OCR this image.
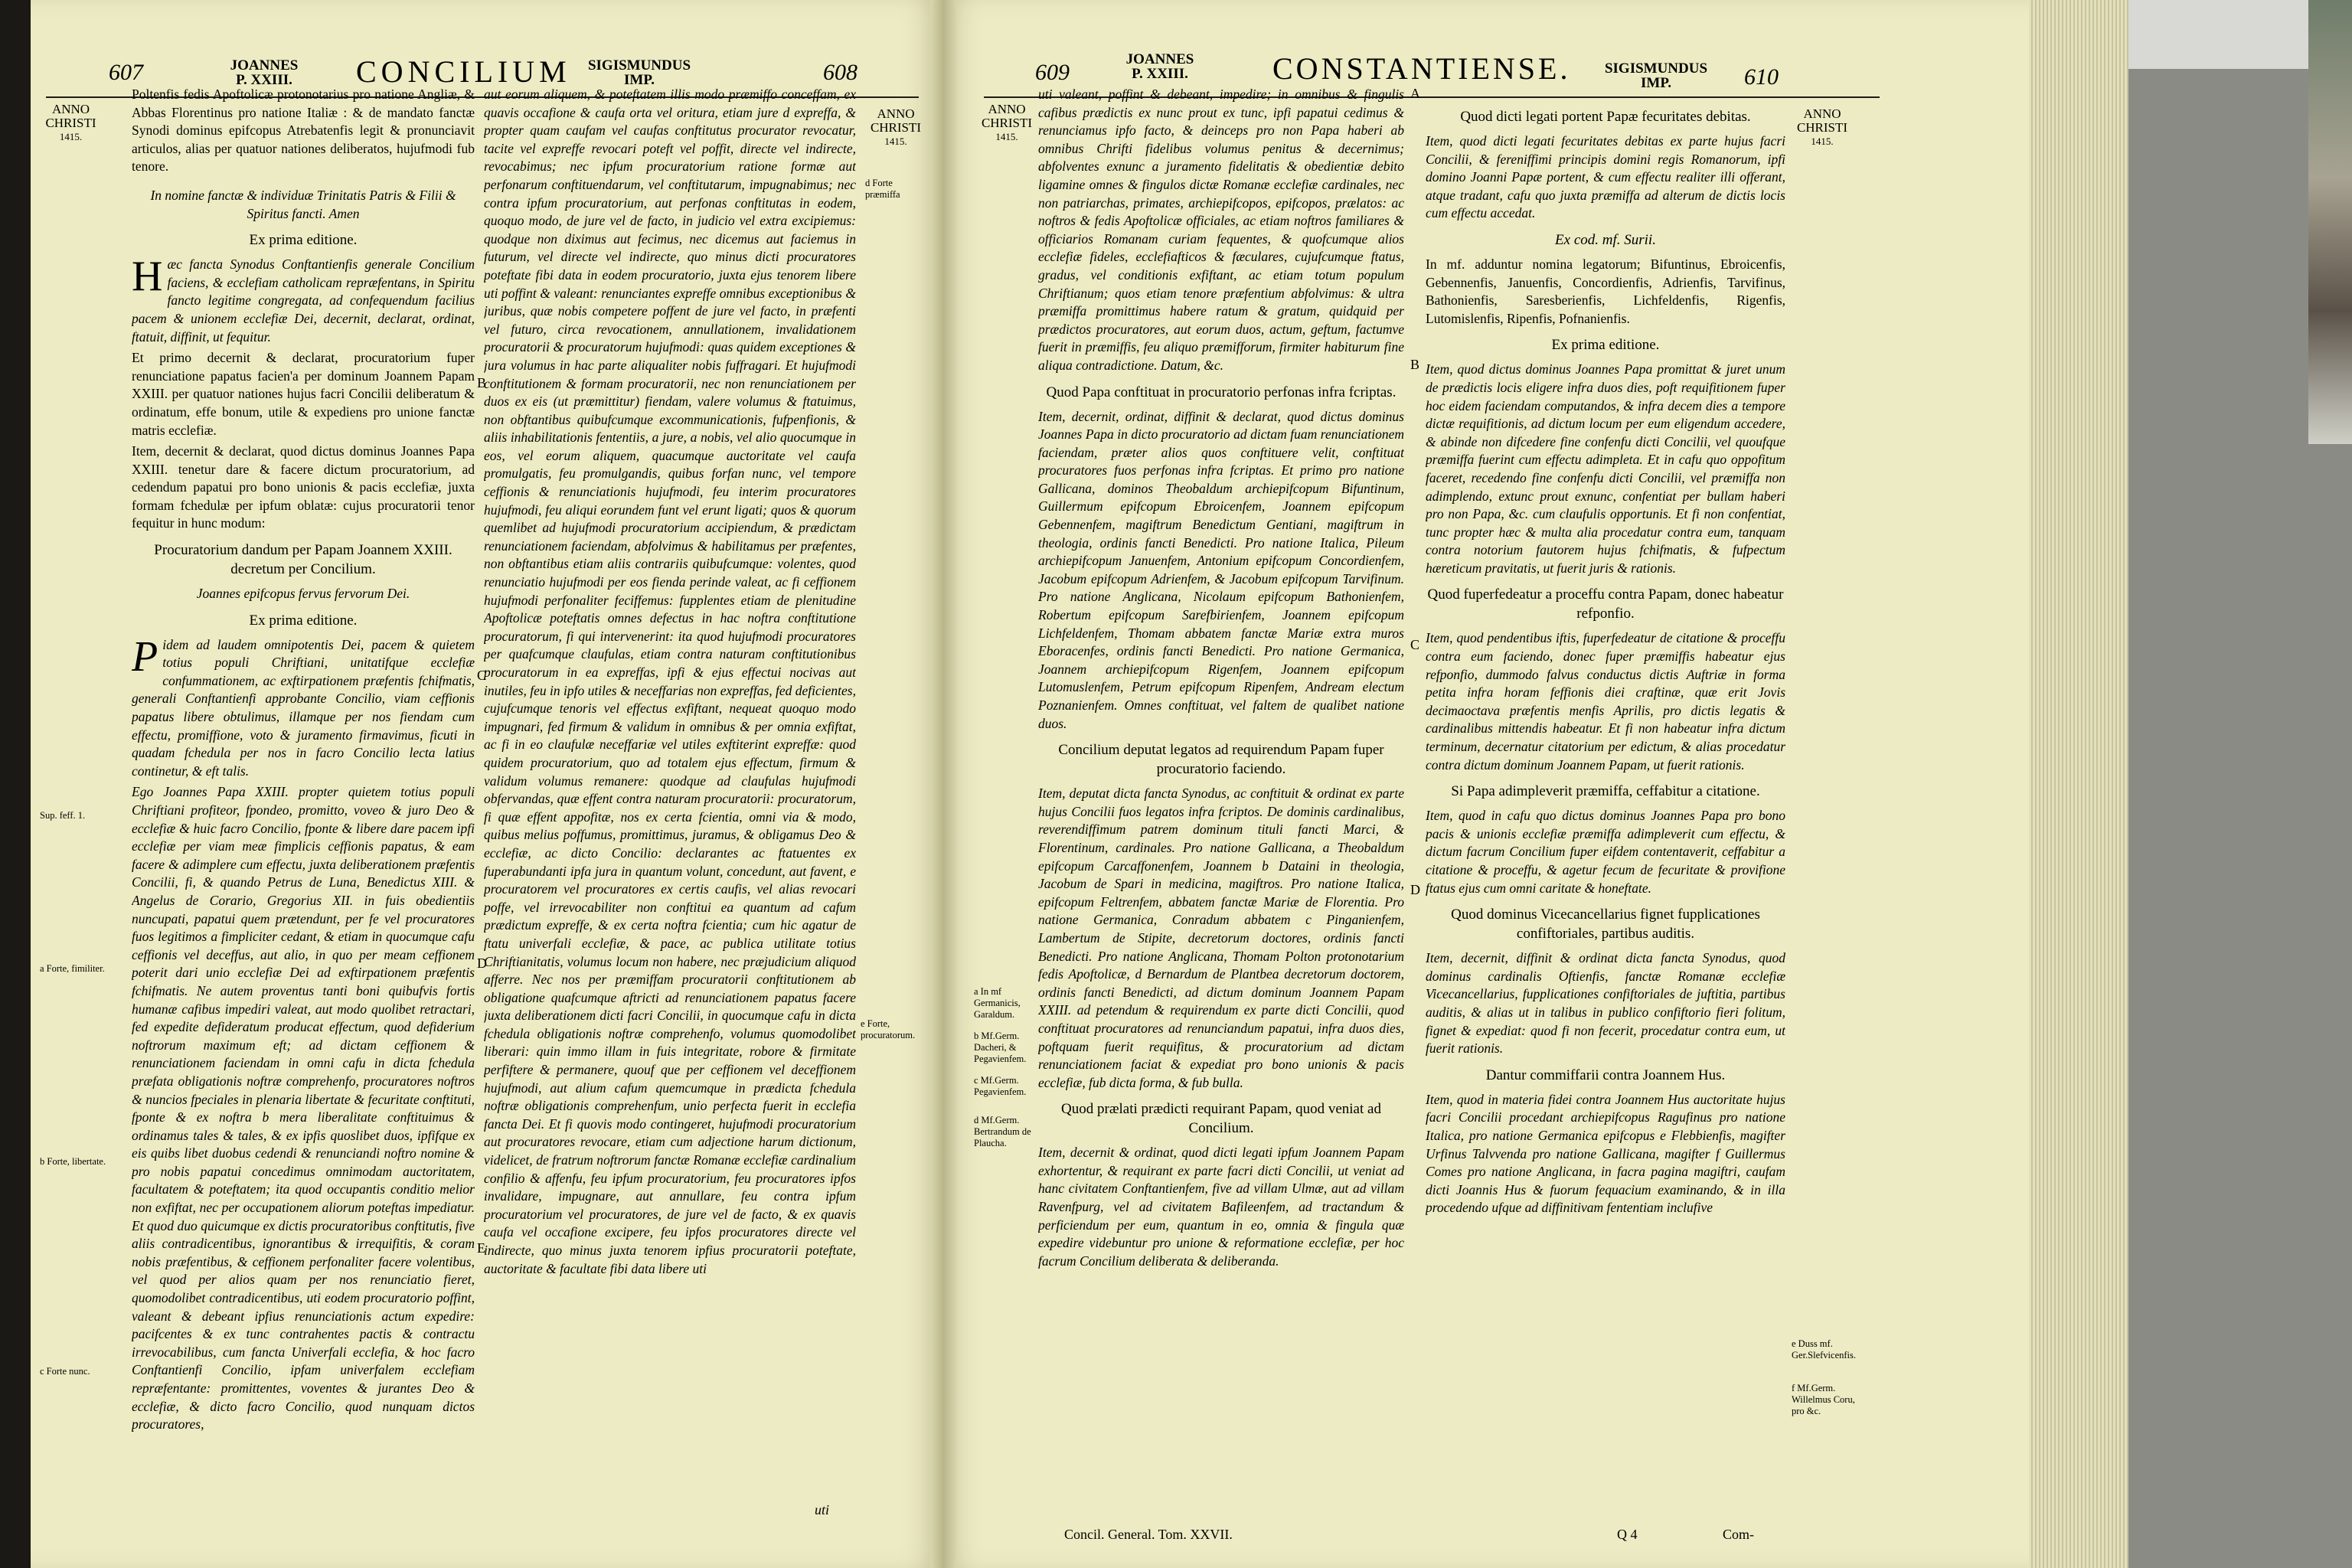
607	JOANNES
P. XXIII.	CONCILIUM	SIGISMUNDUS
IMP.	608	609
JOANNES
P. XXIII.	CONSTANTIENSE.	SIGISMUNDUS
IMP.	610
ANNO
CHRISTI
1415.
ANNO
CHRISTI
1415.
ANNO
CHRISTI
1415.
ANNO
CHRISTI
1415.

Poltenfis fedis Apoftolicæ protonotarius pro natione Angliæ, & Abbas Florentinus pro natione Italiæ : & de mandato fanctæ Synodi dominus epifcopus Atrebatenfis legit & pronunciavit articulos, alias per quatuor nationes deliberatos, hujufmodi fub tenore.

In nomine fanctæ & individuæ Trinitatis Patris & Filii & Spiritus fancti. Amen

Ex prima editione.

Hæc fancta Synodus Conftantienfis generale Concilium faciens, & ecclefiam catholicam repræfentans, in Spiritu fancto legitime congregata, ad confequendum facilius pacem & unionem ecclefiæ Dei, decernit, declarat, ordinat, ftatuit, diffinit, ut fequitur.

Et primo decernit & declarat, procuratorium fuper renunciatione papatus facien'a per dominum Joannem Papam XXIII. per quatuor nationes hujus facri Concilii deliberatum & ordinatum, effe bonum, utile & expediens pro unione fanctæ matris ecclefiæ.

Item, decernit & declarat, quod dictus dominus Joannes Papa XXIII. tenetur dare & facere dictum procuratorium, ad cedendum papatui pro bono unionis & pacis ecclefiæ, juxta formam fchedulæ per ipfum oblatæ: cujus procuratorii tenor fequitur in hunc modum:

Procuratorium dandum per Papam Joannem XXIII. decretum per Concilium.

Joannes epifcopus fervus fervorum Dei.

Ex prima editione.

Pidem ad laudem omnipotentis Dei, pacem & quietem totius populi Chriftiani, unitatifque ecclefiæ confummationem, ac exftirpationem præfentis fchifmatis, generali Conftantienfi approbante Concilio, viam ceffionis papatus libere obtulimus, illamque per nos fiendam cum effectu, promiffione, voto & juramento firmavimus, ficuti in quadam fchedula per nos in facro Concilio lecta latius continetur, & eft talis.

Ego Joannes Papa XXIII. propter quietem totius populi Chriftiani profiteor, fpondeo, promitto, voveo & juro Deo & ecclefiæ & huic facro Concilio, fponte & libere dare pacem ipfi ecclefiæ per viam meæ fimplicis ceffionis papatus, & eam facere & adimplere cum effectu, juxta deliberationem præfentis Concilii, fi, & quando Petrus de Luna, Benedictus XIII. & Angelus de Corario, Gregorius XII. in fuis obedientiis nuncupati, papatui quem prætendunt, per fe vel procuratores fuos legitimos a fimpliciter cedant, & etiam in quocumque cafu ceffionis vel deceffus, aut alio, in quo per meam ceffionem poterit dari unio ecclefiæ Dei ad exftirpationem præfentis fchifmatis. Ne autem proventus tanti boni quibufvis fortis humanæ cafibus impediri valeat, aut modo quolibet retractari, fed expedite defideratum producat effectum, quod defiderium noftrorum maximum eft; ad dictam ceffionem & renunciationem faciendam in omni cafu in dicta fchedula præfata obligationis noftræ comprehenfo, procuratores noftros & nuncios fpeciales in plenaria libertate & fecuritate conftituti, fponte & ex noftra b mera liberalitate conftituimus & ordinamus tales & tales, & ex ipfis quoslibet duos, ipfifque ex eis quibs libet duobus cedendi & renunciandi noftro nomine & pro nobis papatui concedimus omnimodam auctoritatem, facultatem & poteftatem; ita quod occupantis conditio melior non exfiftat, nec per occupationem aliorum poteftas impediatur. Et quod duo quicumque ex dictis procuratoribus conftitutis, five aliis contradicentibus, ignorantibus & irrequifitis, & coram nobis præfentibus, & ceffionem perfonaliter facere volentibus, vel quod per alios quam per nos renunciatio fieret, quomodolibet contradicentibus, uti eodem procuratorio poffint, valeant & debeant ipfius renunciationis actum expedire: pacifcentes & ex tunc contrahentes pactis & contractu irrevocabilibus, cum fancta Univerfali ecclefia, & hoc facro Conftantienfi Concilio, ipfam univerfalem ecclefiam repræfentante: promittentes, voventes & jurantes Deo & ecclefiæ, & dicto facro Concilio, quod nunquam dictos procuratores,

aut eorum aliquem, & poteftatem illis modo præmiffo conceffam, ex quavis occafione & caufa orta vel oritura, etiam jure d expreffa, & propter quam caufam vel caufas conftitutus procurator revocatur, tacite vel expreffe revocari poteft vel poffit, directe vel indirecte, revocabimus; nec ipfum procuratorium ratione formæ aut perfonarum conftituendarum, vel conftitutarum, impugnabimus; nec contra ipfum procuratorium, aut perfonas conftitutas in eodem, quoquo modo, de jure vel de facto, in judicio vel extra excipiemus: quodque non diximus aut fecimus, nec dicemus aut faciemus in futurum, vel directe vel indirecte, quo minus dicti procuratores poteftate fibi data in eodem procuratorio, juxta ejus tenorem libere uti poffint & valeant: renunciantes expreffe omnibus exceptionibus & juribus, quæ nobis competere poffent de jure vel facto, in præfenti vel futuro, circa revocationem, annullationem, invalidationem procuratorii & procuratorum hujufmodi: quas quidem exceptiones & jura volumus in hac parte aliqualiter nobis fuffragari. Et hujufmodi conftitutionem & formam procuratorii, nec non renunciationem per duos ex eis (ut præmittitur) fiendam, valere volumus & ftatuimus, non obftantibus quibufcumque excommunicationis, fufpenfionis, & aliis inhabilitationis fententiis, a jure, a nobis, vel alio quocumque in eos, vel eorum aliquem, quacumque auctoritate vel caufa promulgatis, feu promulgandis, quibus forfan nunc, vel tempore ceffionis & renunciationis hujufmodi, feu interim procuratores hujufmodi, feu aliqui eorundem funt vel erunt ligati; quos & quorum quemlibet ad hujufmodi procuratorium accipiendum, & prædictam renunciationem faciendam, abfolvimus & habilitamus per præfentes, non obftantibus etiam aliis contrariis quibufcumque: volentes, quod renunciatio hujufmodi per eos fienda perinde valeat, ac fi ceffionem hujufmodi perfonaliter feciffemus: fupplentes etiam de plenitudine Apoftolicæ poteftatis omnes defectus in hac noftra conftitutione procuratorum, fi qui intervenerint: ita quod hujufmodi procuratores per quafcumque claufulas, etiam contra naturam conftitutionibus procuratorum in ea expreffas, ipfi & ejus effectui nocivas aut inutiles, feu in ipfo utiles & neceffarias non expreffas, fed deficientes, cujufcumque tenoris vel effectus exfiftant, nequeat quoquo modo impugnari, fed firmum & validum in omnibus & per omnia exfiftat, ac fi in eo claufulæ neceffariæ vel utiles exftiterint expreffæ: quod quidem procuratorium, quo ad totalem ejus effectum, firmum & validum volumus remanere: quodque ad claufulas hujufmodi obfervandas, quæ effent contra naturam procuratorii: procuratorum, fi quæ effent appofitæ, nos ex certa fcientia, omni via & modo, quibus melius poffumus, promittimus, juramus, & obligamus Deo & ecclefiæ, ac dicto Concilio: declarantes ac ftatuentes ex fuperabundanti ipfa jura in quantum volunt, concedunt, aut favent, e procuratorem vel procuratores ex certis caufis, vel alias revocari poffe, vel irrevocabiliter non conftitui ea quantum ad cafum prædictum expreffe, & ex certa noftra fcientia; cum hic agatur de ftatu univerfali ecclefiæ, & pace, ac publica utilitate totius Chriftianitatis, volumus locum non habere, nec præjudicium aliquod afferre. Nec nos per præmiffam procuratorii conftitutionem ab obligatione quafcumque aftricti ad renunciationem papatus facere juxta deliberationem dicti facri Concilii, in quocumque cafu in dicta fchedula obligationis noftræ comprehenfo, volumus quomodolibet liberari: quin immo illam in fuis integritate, robore & firmitate perfiftere & permanere, quouf que per ceffionem vel deceffionem hujufmodi, aut alium cafum quemcumque in prædicta fchedula noftræ obligationis comprehenfum, unio perfecta fuerit in ecclefia fancta Dei. Et fi quovis modo contingeret, hujufmodi procuratorium aut procuratores revocare, etiam cum adjectione harum dictionum, videlicet, de fratrum noftrorum fanctæ Romanæ ecclefiæ cardinalium confilio & affenfu, feu ipfum procuratorium, feu procuratores ipfos invalidare, impugnare, aut annullare, feu contra ipfum procuratorium vel procuratores, de jure vel de facto, & ex quavis caufa vel occafione excipere, feu ipfos procuratores directe vel indirecte, quo minus juxta tenorem ipfius procuratorii poteftate, auctoritate & facultate fibi data libere uti

uti valeant, poffint & debeant, impedire; in omnibus & fingulis cafibus prædictis ex nunc prout ex tunc, ipfi papatui cedimus & renunciamus ipfo facto, & deinceps pro non Papa haberi ab omnibus Chrifti fidelibus volumus penitus & decernimus; abfolventes exnunc a juramento fidelitatis & obedientiæ debito ligamine omnes & fingulos dictæ Romanæ ecclefiæ cardinales, nec non patriarchas, primates, archiepifcopos, epifcopos, prælatos: ac noftros & fedis Apoftolicæ officiales, ac etiam noftros familiares & officiarios Romanam curiam fequentes, & quofcumque alios ecclefiæ fideles, ecclefiafticos & fæculares, cujufcumque ftatus, gradus, vel conditionis exfiftant, ac etiam totum populum Chriftianum; quos etiam tenore præfentium abfolvimus: & ultra præmiffa promittimus habere ratum & gratum, quidquid per prædictos procuratores, aut eorum duos, actum, geftum, factumve fuerit in præmiffis, feu aliquo præmifforum, firmiter habiturum fine aliqua contradictione. Datum, &c.

Quod Papa conftituat in procuratorio perfonas infra fcriptas.

Item, decernit, ordinat, diffinit & declarat, quod dictus dominus Joannes Papa in dicto procuratorio ad dictam fuam renunciationem faciendam, præter alios quos conftituere velit, conftituat procuratores fuos perfonas infra fcriptas. Et primo pro natione Gallicana, dominos Theobaldum archiepifcopum Bifuntinum, Guillermum epifcopum Ebroicenfem, Joannem epifcopum Gebennenfem, magiftrum Benedictum Gentiani, magiftrum in theologia, ordinis fancti Benedicti. Pro natione Italica, Pileum archiepifcopum Januenfem, Antonium epifcopum Concordienfem, Jacobum epifcopum Adrienfem, & Jacobum epifcopum Tarvifinum. Pro natione Anglicana, Nicolaum epifcopum Bathonienfem, Robertum epifcopum Sarefbirienfem, Joannem epifcopum Lichfeldenfem, Thomam abbatem fanctæ Mariæ extra muros Eboracenfes, ordinis fancti Benedicti. Pro natione Germanica, Joannem archiepifcopum Rigenfem, Joannem epifcopum Lutomuslenfem, Petrum epifcopum Ripenfem, Andream electum Poznanienfem. Omnes conftituat, vel faltem de qualibet natione duos.

Concilium deputat legatos ad requirendum Papam fuper procuratorio faciendo.

Item, deputat dicta fancta Synodus, ac conftituit & ordinat ex parte hujus Concilii fuos legatos infra fcriptos. De dominis cardinalibus, reverendiffimum patrem dominum tituli fancti Marci, & Florentinum, cardinales. Pro natione Gallicana, a Theobaldum epifcopum Carcaffonenfem, Joannem b Dataini in theologia, Jacobum de Spari in medicina, magiftros. Pro natione Italica, epifcopum Feltrenfem, abbatem fanctæ Mariæ de Florentia. Pro natione Germanica, Conradum abbatem c Pinganienfem, Lambertum de Stipite, decretorum doctores, ordinis fancti Benedicti. Pro natione Anglicana, Thomam Polton protonotarium fedis Apoftolicæ, d Bernardum de Plantbea decretorum doctorem, ordinis fancti Benedicti, ad dictum dominum Joannem Papam XXIII. ad petendum & requirendum ex parte dicti Concilii, quod conftituat procuratores ad renunciandum papatui, infra duos dies, poftquam fuerit requifitus, & procuratorium ad dictam renunciationem faciat & expediat pro bono unionis & pacis ecclefiæ, fub dicta forma, & fub bulla.

Quod prælati prædicti requirant Papam, quod veniat ad Concilium.

Item, decernit & ordinat, quod dicti legati ipfum Joannem Papam exhortentur, & requirant ex parte facri dicti Concilii, ut veniat ad hanc civitatem Conftantienfem, five ad villam Ulmæ, aut ad villam Ravenfpurg, vel ad civitatem Bafileenfem, ad tractandum & perficiendum per eum, quantum in eo, omnia & fingula quæ expedire videbuntur pro unione & reformatione ecclefiæ, per hoc facrum Concilium deliberata & deliberanda.

Quod dicti legati portent Papæ fecuritates debitas.

Item, quod dicti legati fecuritates debitas ex parte hujus facri Concilii, & fereniffimi principis domini regis Romanorum, ipfi domino Joanni Papæ portent, & cum effectu realiter illi offerant, atque tradant, cafu quo juxta præmiffa ad alterum de dictis locis cum effectu accedat.

Ex cod. mf. Surii.

In mf. adduntur nomina legatorum; Bifuntinus, Ebroicenfis, Gebennenfis, Januenfis, Concordienfis, Adrienfis, Tarvifinus, Bathonienfis, Saresberienfis, Lichfeldenfis, Rigenfis, Lutomislenfis, Ripenfis, Pofnanienfis.

Ex prima editione.

Item, quod dictus dominus Joannes Papa promittat & juret unum de prædictis locis eligere infra duos dies, poft requifitionem fuper hoc eidem faciendam computandos, & infra decem dies a tempore dictæ requifitionis, ad dictum locum per eum eligendum accedere, & abinde non difcedere fine confenfu dicti Concilii, vel quoufque præmiffa fuerint cum effectu adimpleta. Et in cafu quo oppofitum faceret, recedendo fine confenfu dicti Concilii, vel præmiffa non adimplendo, extunc prout exnunc, confentiat per bullam haberi pro non Papa, &c. cum claufulis opportunis. Et fi non confentiat, tunc propter hæc & multa alia procedatur contra eum, tanquam contra notorium fautorem hujus fchifmatis, & fufpectum hæreticum pravitatis, ut fuerit juris & rationis.

Quod fuperfedeatur a proceffu contra Papam, donec habeatur refponfio.

Item, quod pendentibus iftis, fuperfedeatur de citatione & proceffu contra eum faciendo, donec fuper præmiffis habeatur ejus refponfio, dummodo falvus conductus dictis Auftriæ in forma petita infra horam feffionis diei craftinæ, quæ erit Jovis decimaoctava præfentis menfis Aprilis, pro dictis legatis & cardinalibus mittendis habeatur. Et fi non habeatur infra dictum terminum, decernatur citatorium per edictum, & alias procedatur contra dictum dominum Joannem Papam, ut fuerit rationis.

Si Papa adimpleverit præmiffa, ceffabitur a citatione.

Item, quod in cafu quo dictus dominus Joannes Papa pro bono pacis & unionis ecclefiæ præmiffa adimpleverit cum effectu, & dictum facrum Concilium fuper eifdem contentaverit, ceffabitur a citatione & proceffu, & agetur fecum de fecuritate & provifione ftatus ejus cum omni caritate & honeftate.

Quod dominus Vicecancellarius fignet fupplicationes confiftoriales, partibus auditis.

Item, decernit, diffinit & ordinat dicta fancta Synodus, quod dominus cardinalis Oftienfis, fanctæ Romanæ ecclefiæ Vicecancellarius, fupplicationes confiftoriales de juftitia, partibus auditis, & alias ut in talibus in publico confiftorio fieri folitum, fignet & expediat: quod fi non fecerit, procedatur contra eum, ut fuerit rationis.

Dantur commiffarii contra Joannem Hus.

Item, quod in materia fidei contra Joannem Hus auctoritate hujus facri Concilii procedant archiepifcopus Ragufinus pro natione Italica, pro natione Germanica epifcopus e Flebbienfis, magifter Urfinus Talvvenda pro natione Gallicana, magifter f Guillermus Comes pro natione Anglicana, in facra pagina magiftri, caufam dicti Joannis Hus & fuorum fequacium examinando, & in illa procedendo ufque ad diffinitivam fententiam inclufive

B
C
D
E
A
B
C
D
Sup. feff. 1.
a Forte, fimiliter.
b Forte, libertate.
c Forte nunc.
d Forte præmiffa
e Forte, procuratorum.
a In mf Germanicis, Garaldum.
b Mf.Germ. Dacheri, & Pegavienfem.
c Mf.Germ. Pegavienfem.
d Mf.Germ. Bertrandum de Plaucha.
e Duss mf. Ger.Slefvicenfis.
f Mf.Germ. Willelmus Coru, pro &c.
uti
Concil. General. Tom. XXVII.	Q 4	Com-
